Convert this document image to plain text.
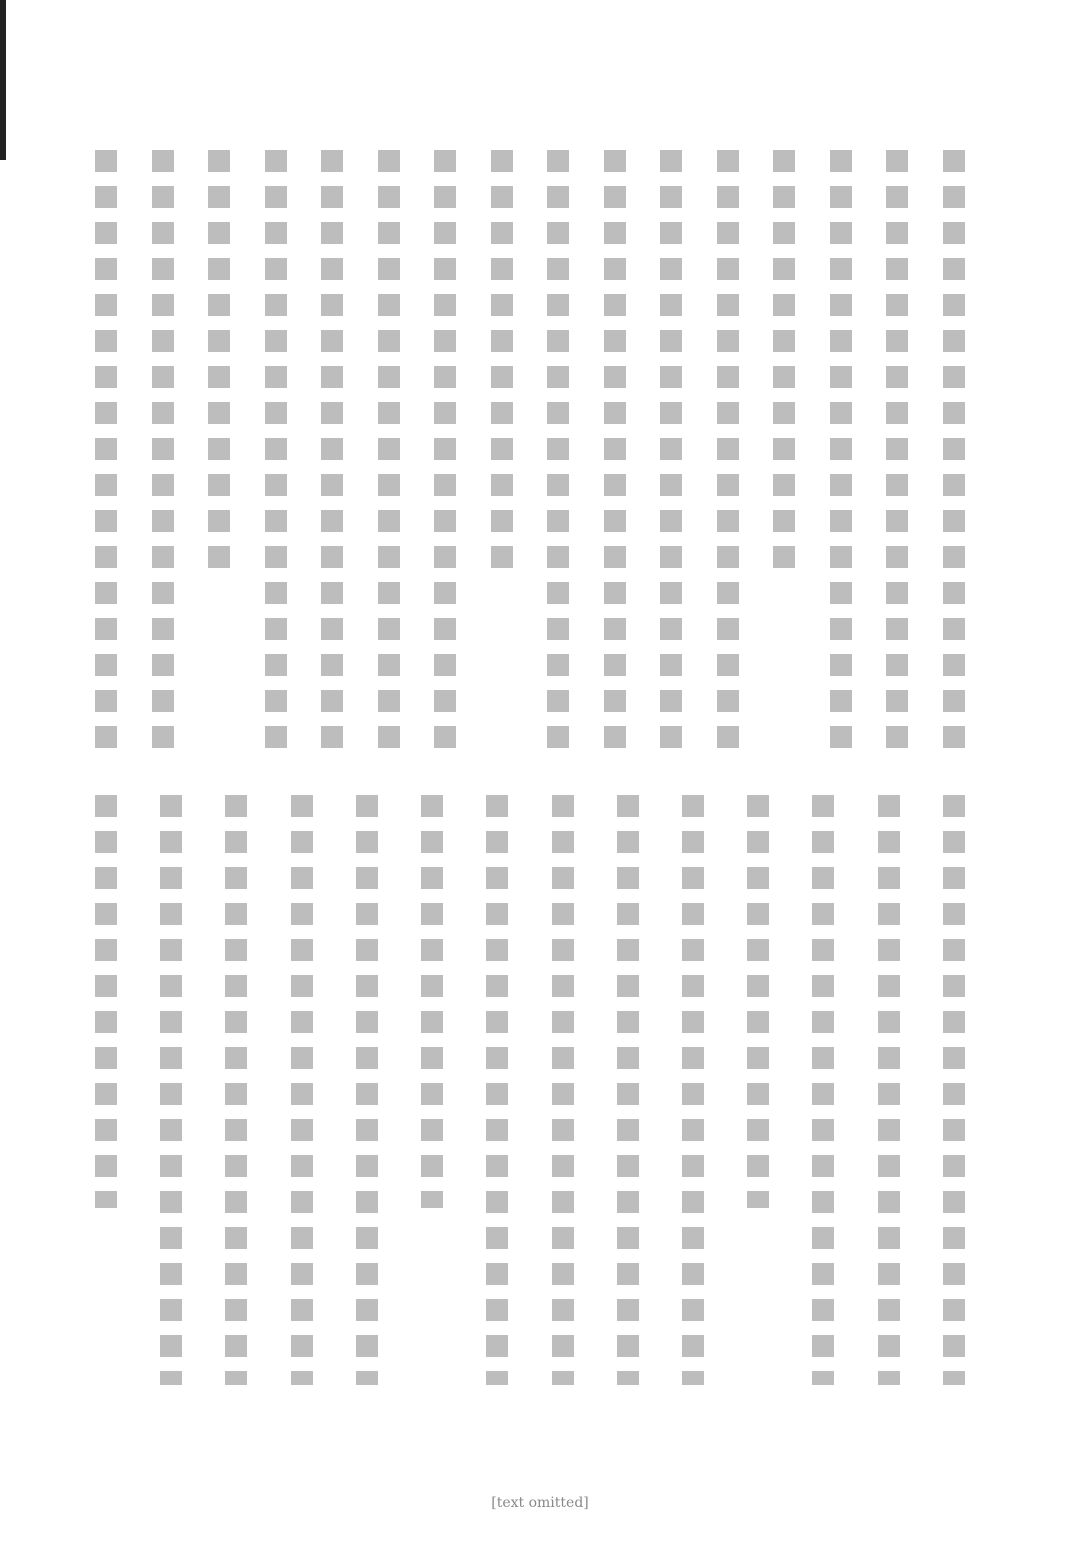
[text omitted]
